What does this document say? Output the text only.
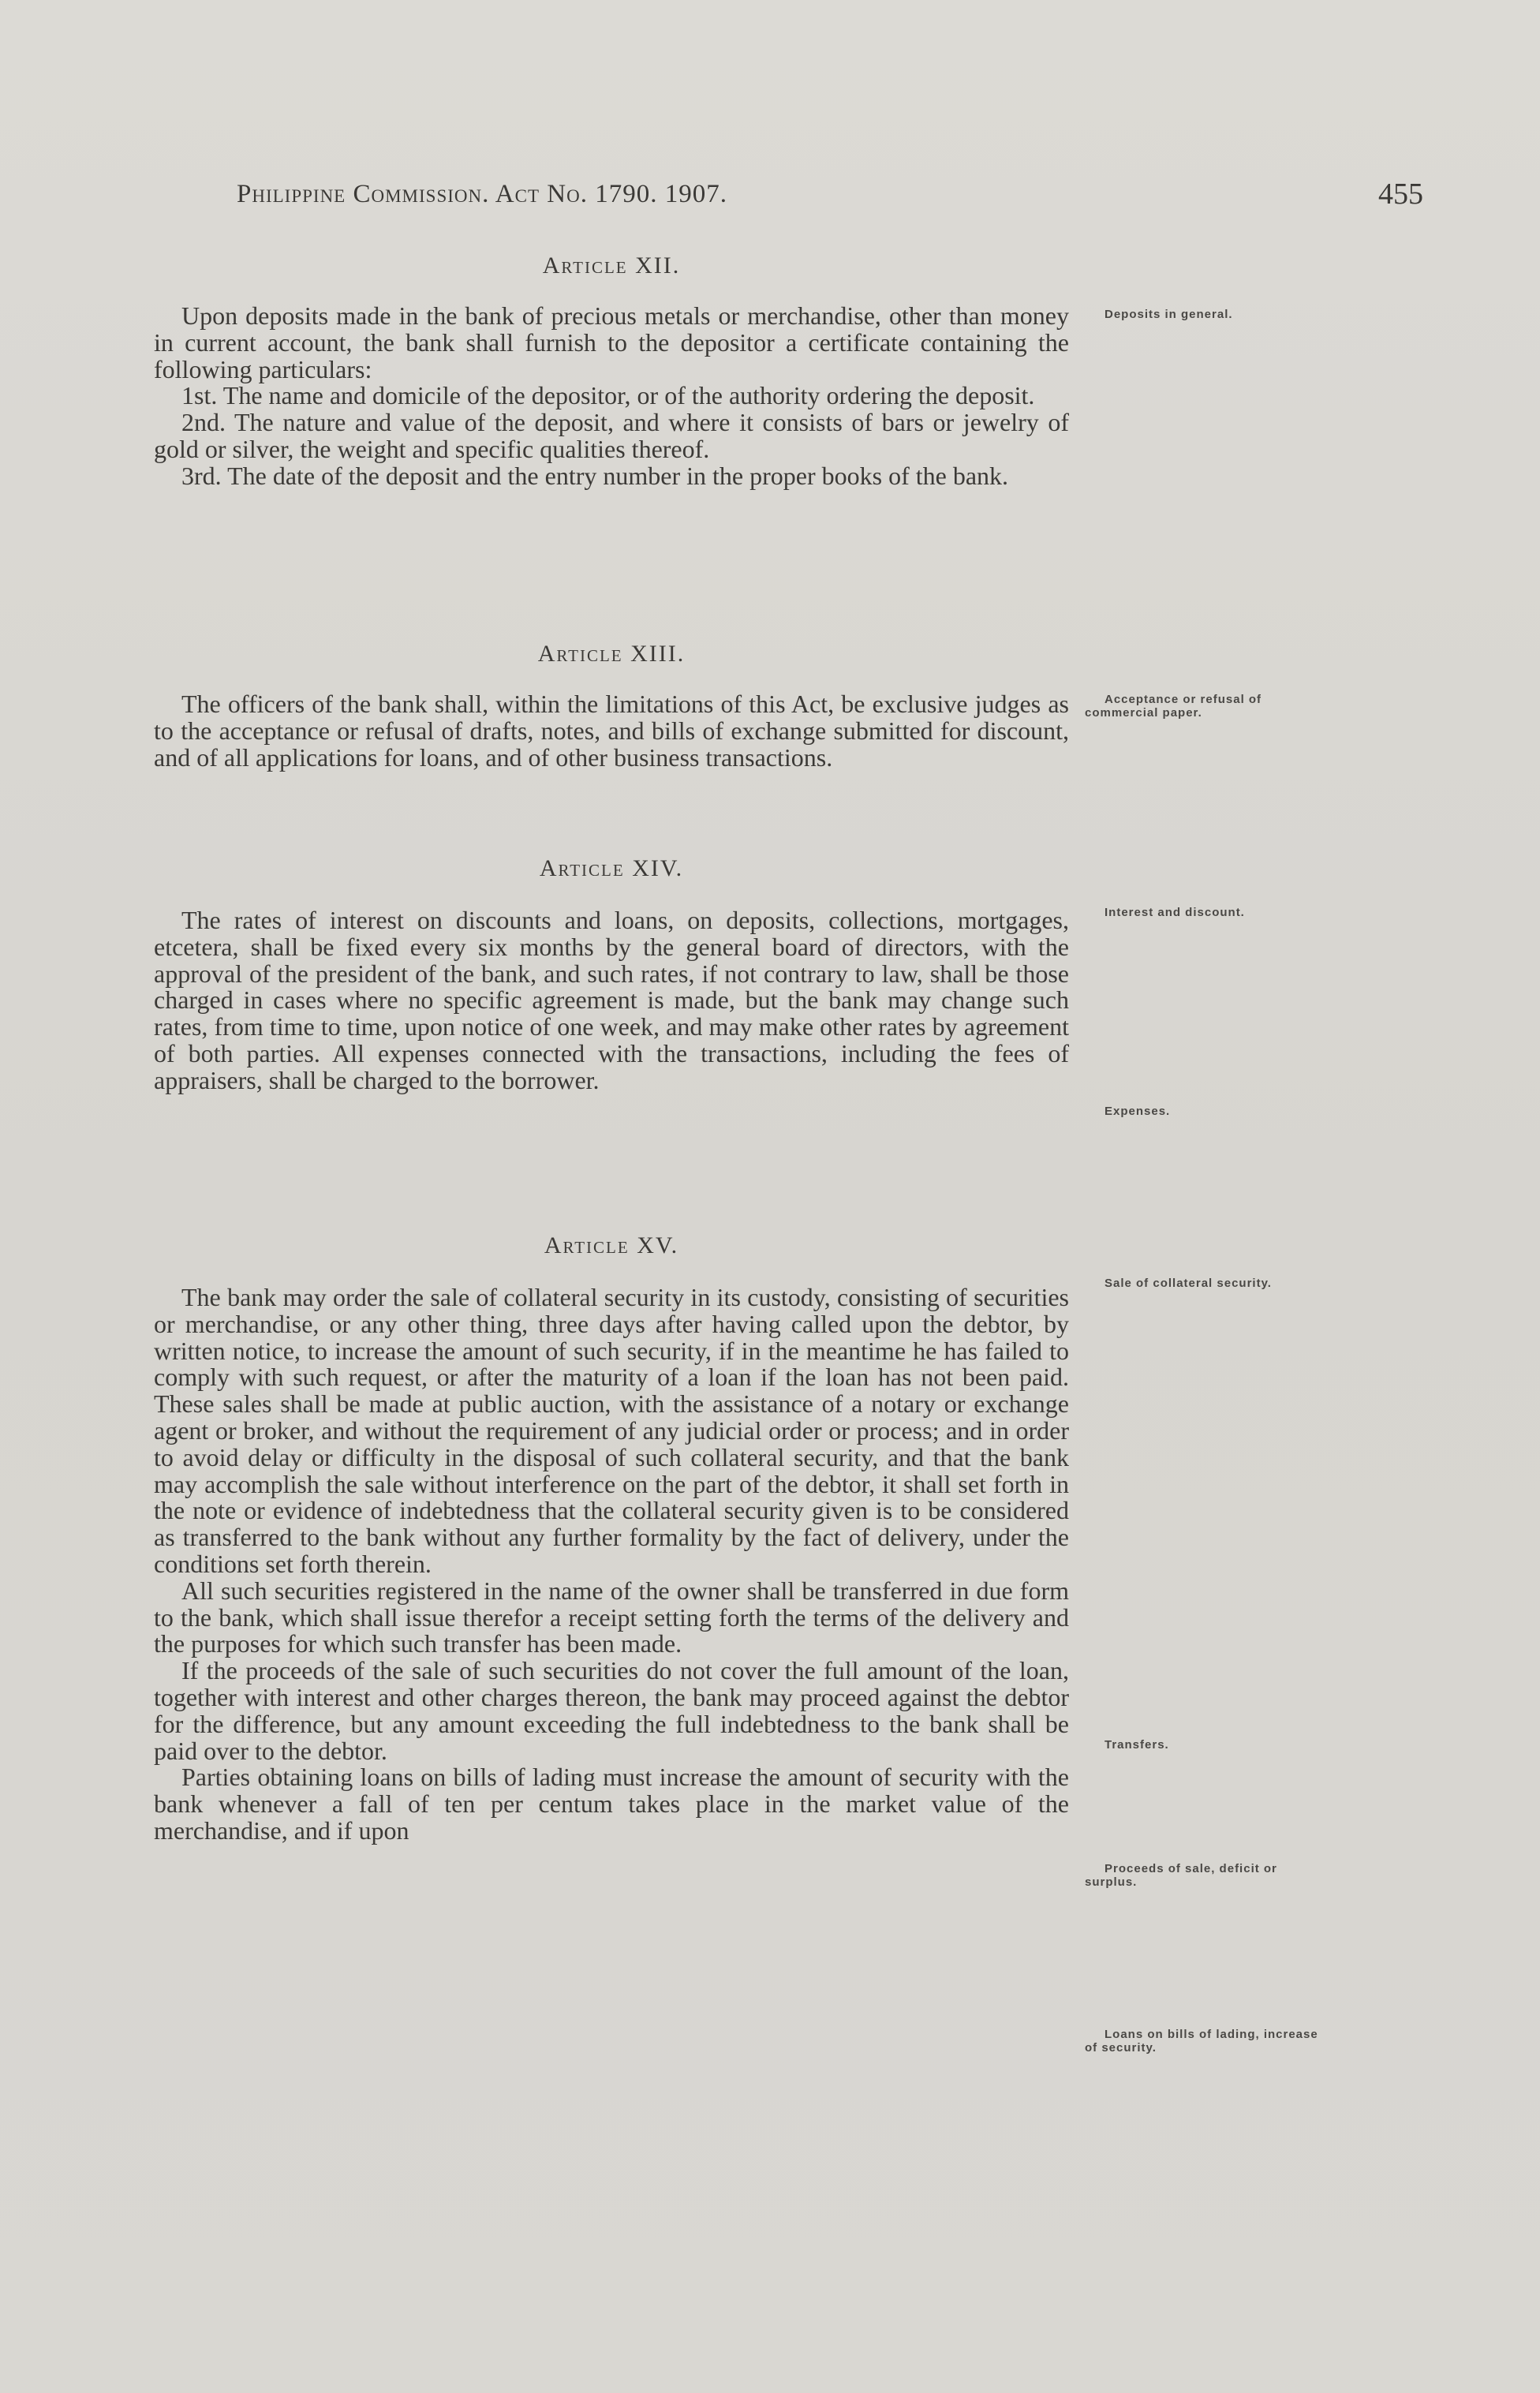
Philippine Commission. Act No. 1790. 1907.	455
Article XII.

Upon deposits made in the bank of precious metals or merchandise, other than money in current account, the bank shall furnish to the depositor a certificate containing the following particulars:

1st. The name and domicile of the depositor, or of the authority ordering the deposit.

2nd. The nature and value of the deposit, and where it consists of bars or jewelry of gold or silver, the weight and specific qualities thereof.

3rd. The date of the deposit and the entry number in the proper books of the bank.

Deposits in general.
Article XIII.

The officers of the bank shall, within the limitations of this Act, be exclusive judges as to the acceptance or refusal of drafts, notes, and bills of exchange submitted for discount, and of all applications for loans, and of other business transactions.

Acceptance or refusal of commercial paper.
Article XIV.

The rates of interest on discounts and loans, on deposits, collections, mortgages, etcetera, shall be fixed every six months by the general board of directors, with the approval of the president of the bank, and such rates, if not contrary to law, shall be those charged in cases where no specific agreement is made, but the bank may change such rates, from time to time, upon notice of one week, and may make other rates by agreement of both parties. All expenses connected with the transactions, including the fees of appraisers, shall be charged to the borrower.

Interest and discount.
Expenses.
Article XV.

The bank may order the sale of collateral security in its custody, consisting of securities or merchandise, or any other thing, three days after having called upon the debtor, by written notice, to increase the amount of such security, if in the meantime he has failed to comply with such request, or after the maturity of a loan if the loan has not been paid. These sales shall be made at public auction, with the assistance of a notary or exchange agent or broker, and without the requirement of any judicial order or process; and in order to avoid delay or difficulty in the disposal of such collateral security, and that the bank may accomplish the sale without interference on the part of the debtor, it shall set forth in the note or evidence of indebtedness that the collateral security given is to be considered as transferred to the bank without any further formality by the fact of delivery, under the conditions set forth therein.

All such securities registered in the name of the owner shall be transferred in due form to the bank, which shall issue therefor a receipt setting forth the terms of the delivery and the purposes for which such transfer has been made.

If the proceeds of the sale of such securities do not cover the full amount of the loan, together with interest and other charges thereon, the bank may proceed against the debtor for the difference, but any amount exceeding the full indebtedness to the bank shall be paid over to the debtor.

Parties obtaining loans on bills of lading must increase the amount of security with the bank whenever a fall of ten per centum takes place in the market value of the merchandise, and if upon

Sale of collateral security.
Transfers.
Proceeds of sale, deficit or surplus.
Loans on bills of lading, increase of security.
